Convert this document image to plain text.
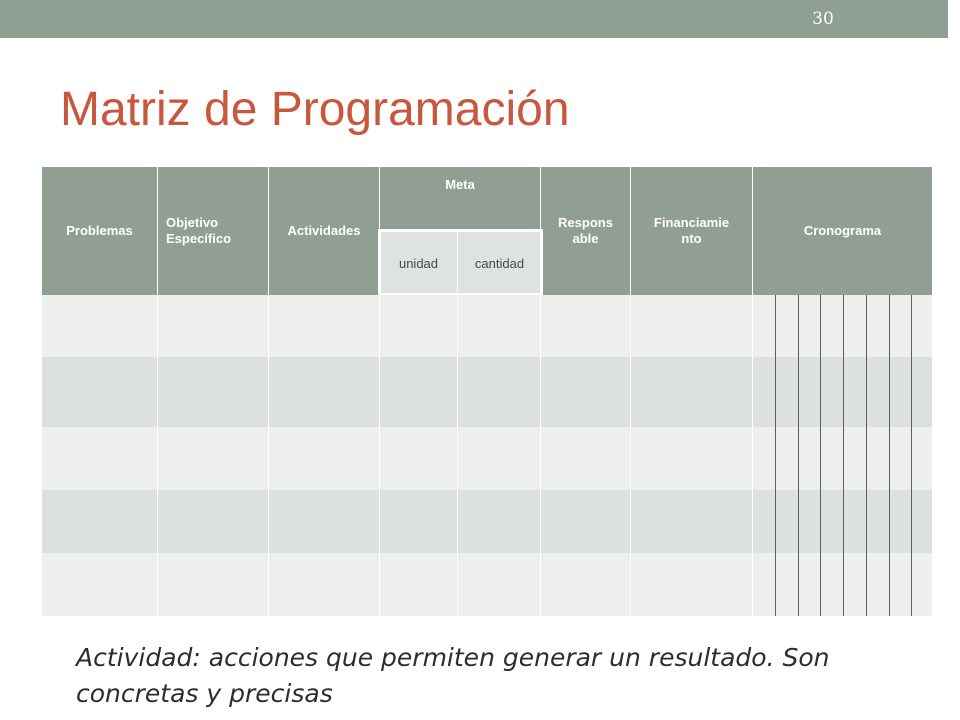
30
Matriz de Programación
Problemas
Objetivo Específico
Actividades
Meta
Respons able
Financiamie nto
Cronograma
unidad	cantidad

Actividad: acciones que permiten generar un resultado. Son concretas y precisas
